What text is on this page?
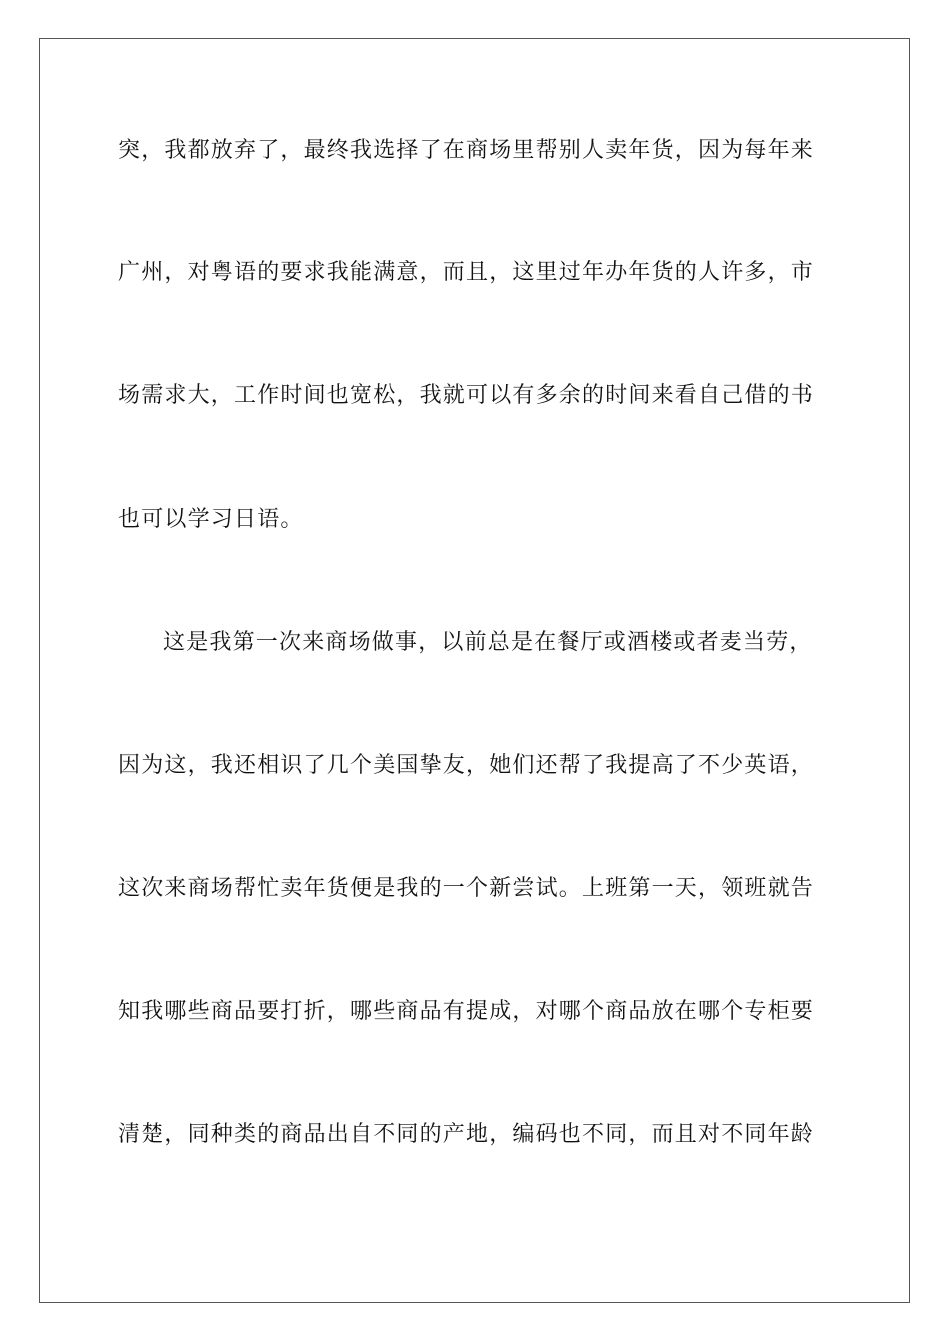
突，我都放弃了，最终我选择了在商场里帮别人卖年货，因为每年来
广州，对粤语的要求我能满意，而且，这里过年办年货的人许多，市
场需求大，工作时间也宽松，我就可以有多余的时间来看自己借的书
也可以学习日语。
这是我第一次来商场做事，以前总是在餐厅或酒楼或者麦当劳，
因为这，我还相识了几个美国挚友，她们还帮了我提高了不少英语，
这次来商场帮忙卖年货便是我的一个新尝试。上班第一天，领班就告
知我哪些商品要打折，哪些商品有提成，对哪个商品放在哪个专柜要
清楚，同种类的商品出自不同的产地，编码也不同，而且对不同年龄
